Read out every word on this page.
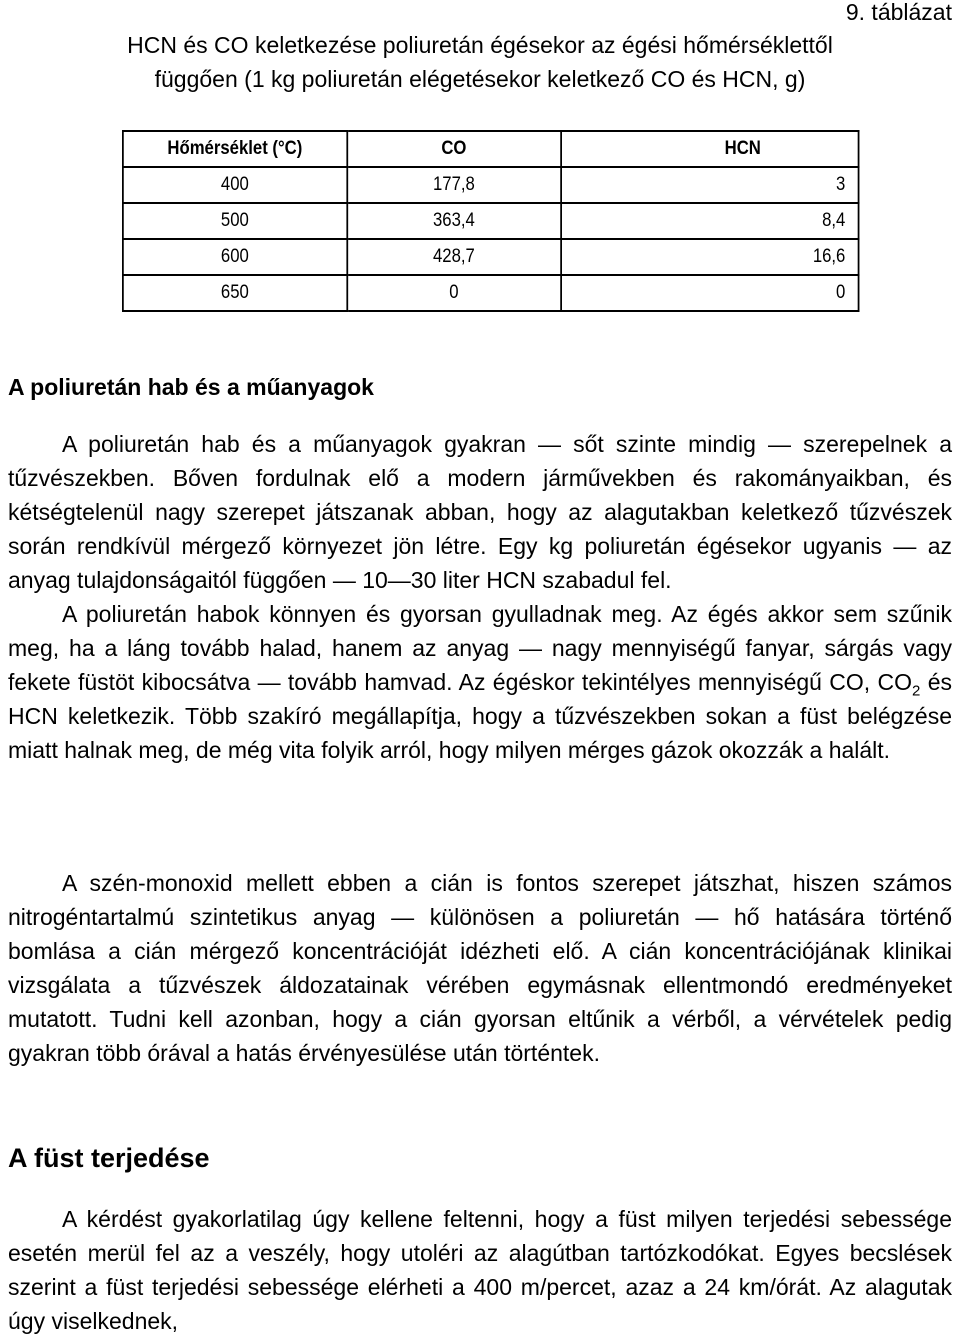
9. táblázat
HCN és CO keletkezése poliuretán égésekor az égési hőmérséklettől
függően (1 kg poliuretán elégetésekor keletkező CO és HCN, g)
Hőmérséklet (°C)	CO	HCN
400	177,8	3
500	363,4	8,4
600	428,7	16,6
650	0	0
A poliuretán hab és a műanyagok

A poliuretán hab és a műanyagok gyakran — sőt szinte mindig — szerepelnek a tűzvészekben. Bőven fordulnak elő a modern járművekben és rakományaikban, és kétségtelenül nagy szerepet játszanak abban, hogy az alagutakban keletkező tűzvészek során rendkívül mérgező környezet jön létre. Egy kg poliuretán égésekor ugyanis — az anyag tulajdonságaitól függően — 10—30 liter HCN szabadul fel.

A poliuretán habok könnyen és gyorsan gyulladnak meg. Az égés akkor sem szűnik meg, ha a láng tovább halad, hanem az anyag — nagy mennyiségű fanyar, sárgás vagy fekete füstöt kibocsátva — tovább hamvad. Az égéskor tekintélyes mennyiségű CO, $CO_2$ és HCN keletkezik. Több szakíró megállapítja, hogy a tűzvészekben sokan a füst belégzése miatt halnak meg, de még vita folyik arról, hogy milyen mérges gázok okozzák a halált.

A szén-monoxid mellett ebben a cián is fontos szerepet játszhat, hiszen számos nitrogéntartalmú szintetikus anyag — különösen a poliuretán — hő hatására történő bomlása a cián mérgező koncentrációját idézheti elő. A cián koncentrációjának klinikai vizsgálata a tűzvészek áldozatainak vérében egymásnak ellentmondó eredményeket mutatott. Tudni kell azonban, hogy a cián gyorsan eltűnik a vérből, a vérvételek pedig gyakran több órával a hatás érvényesülése után történtek.

A füst terjedése

A kérdést gyakorlatilag úgy kellene feltenni, hogy a füst milyen terjedési sebessége esetén merül fel az a veszély, hogy utoléri az alagútban tartózkodókat. Egyes becslések szerint a füst terjedési sebessége elérheti a 400 m/percet, azaz a 24 km/órát. Az alagutak úgy viselkednek,
